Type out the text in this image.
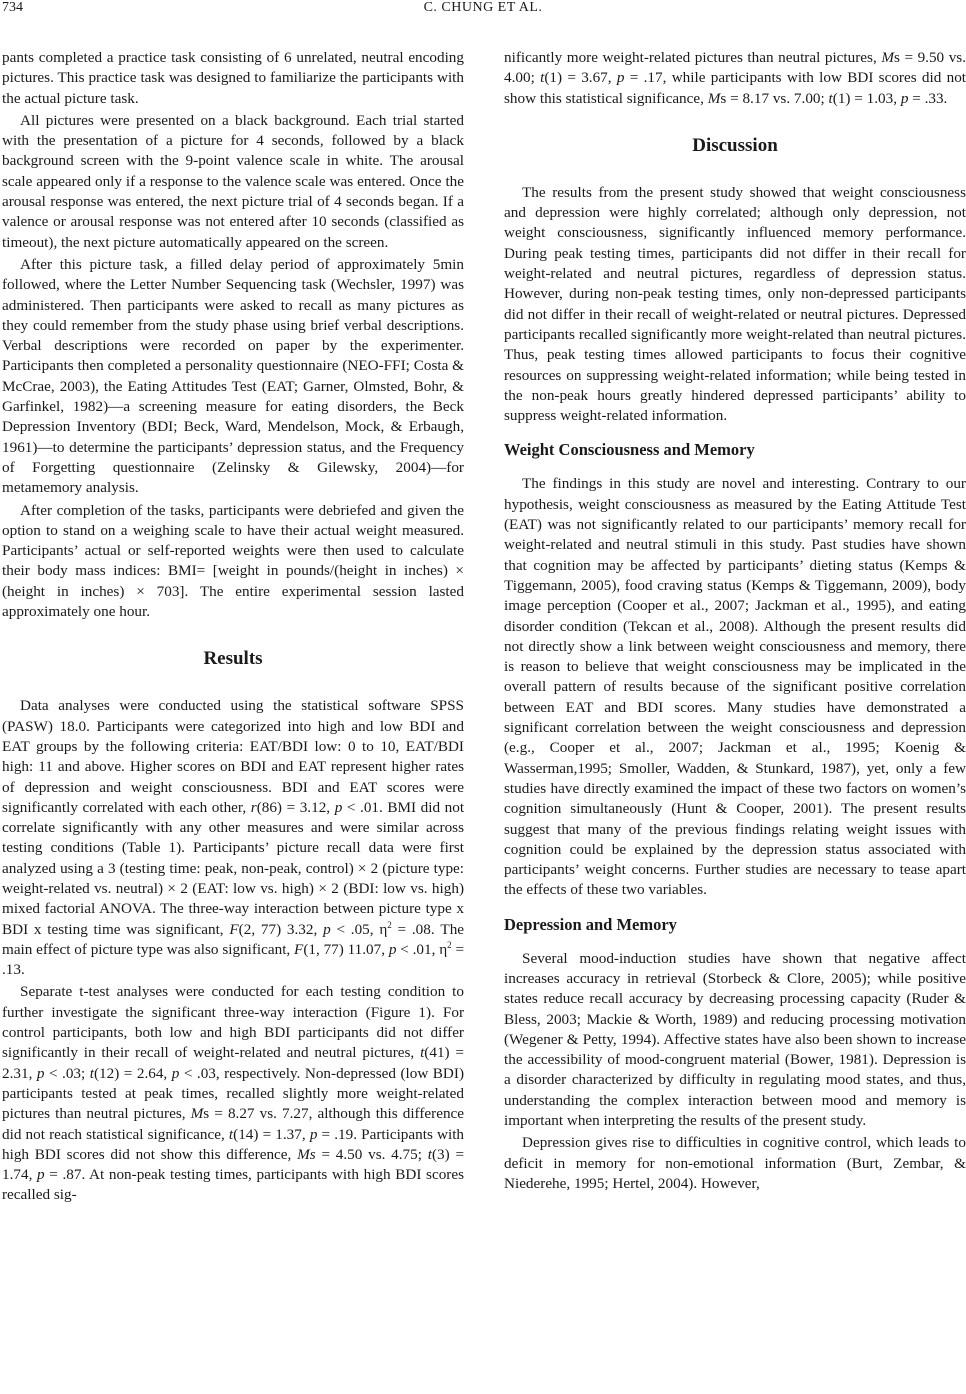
734	C. CHUNG ET AL.

pants completed a practice task consisting of 6 unrelated, neutral encoding pictures. This practice task was designed to familiarize the participants with the actual picture task.

All pictures were presented on a black background. Each trial started with the presentation of a picture for 4 seconds, followed by a black background screen with the 9-point valence scale in white. The arousal scale appeared only if a response to the valence scale was entered. Once the arousal response was entered, the next picture trial of 4 seconds began. If a valence or arousal response was not entered after 10 seconds (classified as timeout), the next picture automatically appeared on the screen.

After this picture task, a filled delay period of approximately 5min followed, where the Letter Number Sequencing task (Wechsler, 1997) was administered. Then participants were asked to recall as many pictures as they could remember from the study phase using brief verbal descriptions. Verbal descriptions were recorded on paper by the experimenter. Participants then completed a personality questionnaire (NEO-FFI; Costa & McCrae, 2003), the Eating Attitudes Test (EAT; Garner, Olmsted, Bohr, & Garfinkel, 1982)—a screening measure for eating disorders, the Beck Depression Inventory (BDI; Beck, Ward, Mendelson, Mock, & Erbaugh, 1961)—to determine the participants’ depression status, and the Frequency of Forgetting questionnaire (Zelinsky & Gilewsky, 2004)—for metamemory analysis.

After completion of the tasks, participants were debriefed and given the option to stand on a weighing scale to have their actual weight measured. Participants’ actual or self-reported weights were then used to calculate their body mass indices: BMI= [weight in pounds/(height in inches) × (height in inches) × 703]. The entire experimental session lasted approximately one hour.

Results

Data analyses were conducted using the statistical software SPSS (PASW) 18.0. Participants were categorized into high and low BDI and EAT groups by the following criteria: EAT/BDI low: 0 to 10, EAT/BDI high: 11 and above. Higher scores on BDI and EAT represent higher rates of depression and weight consciousness. BDI and EAT scores were significantly correlated with each other, r(86) = 3.12, p < .01. BMI did not correlate significantly with any other measures and were similar across testing conditions (Table 1). Participants’ picture recall data were first analyzed using a 3 (testing time: peak, non-peak, control) × 2 (picture type: weight-related vs. neutral) × 2 (EAT: low vs. high) × 2 (BDI: low vs. high) mixed factorial ANOVA. The three-way interaction between picture type x BDI x testing time was significant, F(2, 77) 3.32, p < .05, $\eta^2 = .08$. The main effect of picture type was also significant, F(1, 77) 11.07, p < .01, $\eta^2 = .13$.

Separate t-test analyses were conducted for each testing condition to further investigate the significant three-way interaction (Figure 1). For control participants, both low and high BDI participants did not differ significantly in their recall of weight-related and neutral pictures, t(41) = 2.31, p < .03; t(12) = 2.64, p < .03, respectively. Non-depressed (low BDI) participants tested at peak times, recalled slightly more weight-related pictures than neutral pictures, Ms = 8.27 vs. 7.27, although this difference did not reach statistical significance, t(14) = 1.37, p = .19. Participants with high BDI scores did not show this difference, Ms = 4.50 vs. 4.75; t(3) = 1.74, p = .87. At non-peak testing times, participants with high BDI scores recalled sig-

nificantly more weight-related pictures than neutral pictures, Ms = 9.50 vs. 4.00; t(1) = 3.67, p = .17, while participants with low BDI scores did not show this statistical significance, Ms = 8.17 vs. 7.00; t(1) = 1.03, p = .33.

Discussion

The results from the present study showed that weight consciousness and depression were highly correlated; although only depression, not weight consciousness, significantly influenced memory performance. During peak testing times, participants did not differ in their recall for weight-related and neutral pictures, regardless of depression status. However, during non-peak testing times, only non-depressed participants did not differ in their recall of weight-related or neutral pictures. Depressed participants recalled significantly more weight-related than neutral pictures. Thus, peak testing times allowed participants to focus their cognitive resources on suppressing weight-related information; while being tested in the non-peak hours greatly hindered depressed participants’ ability to suppress weight-related information.

Weight Consciousness and Memory

The findings in this study are novel and interesting. Contrary to our hypothesis, weight consciousness as measured by the Eating Attitude Test (EAT) was not significantly related to our participants’ memory recall for weight-related and neutral stimuli in this study. Past studies have shown that cognition may be affected by participants’ dieting status (Kemps & Tiggemann, 2005), food craving status (Kemps & Tiggemann, 2009), body image perception (Cooper et al., 2007; Jackman et al., 1995), and eating disorder condition (Tekcan et al., 2008). Although the present results did not directly show a link between weight consciousness and memory, there is reason to believe that weight consciousness may be implicated in the overall pattern of results because of the significant positive correlation between EAT and BDI scores. Many studies have demonstrated a significant correlation between the weight consciousness and depression (e.g., Cooper et al., 2007; Jackman et al., 1995; Koenig & Wasserman,1995; Smoller, Wadden, & Stunkard, 1987), yet, only a few studies have directly examined the impact of these two factors on women’s cognition simultaneously (Hunt & Cooper, 2001). The present results suggest that many of the previous findings relating weight issues with cognition could be explained by the depression status associated with participants’ weight concerns. Further studies are necessary to tease apart the effects of these two variables.

Depression and Memory

Several mood-induction studies have shown that negative affect increases accuracy in retrieval (Storbeck & Clore, 2005); while positive states reduce recall accuracy by decreasing processing capacity (Ruder & Bless, 2003; Mackie & Worth, 1989) and reducing processing motivation (Wegener & Petty, 1994). Affective states have also been shown to increase the accessibility of mood-congruent material (Bower, 1981). Depression is a disorder characterized by difficulty in regulating mood states, and thus, understanding the complex interaction between mood and memory is important when interpreting the results of the present study.

Depression gives rise to difficulties in cognitive control, which leads to deficit in memory for non-emotional information (Burt, Zembar, & Niederehe, 1995; Hertel, 2004). However,
